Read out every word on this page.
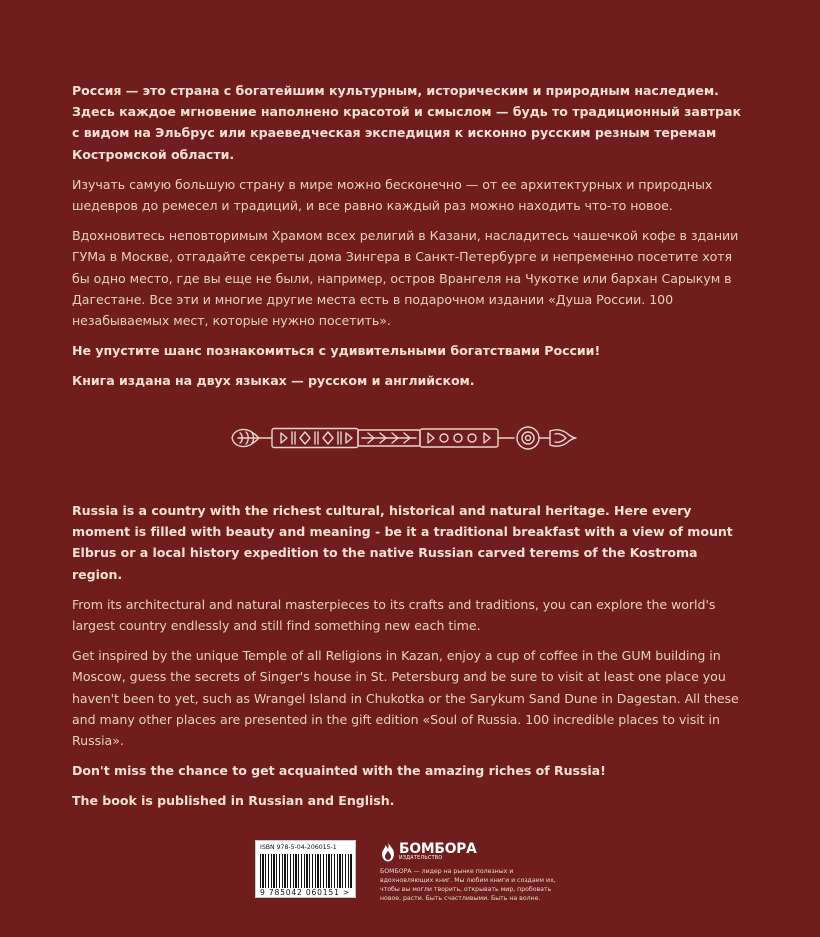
Россия — это страна с богатейшим культурным, историческим и природным наследием. Здесь каждое мгновение наполнено красотой и смыслом — будь то традиционный завтрак с видом на Эльбрус или краеведческая экспедиция к исконно русским резным теремам Костромской области.

Изучать самую большую страну в мире можно бесконечно — от ее архитектурных и природных шедевров до ремесел и традиций, и все равно каждый раз можно находить что-то новое.

Вдохновитесь неповторимым Храмом всех религий в Казани, насладитесь чашечкой кофе в здании ГУМа в Москве, отгадайте секреты дома Зингера в Санкт-Петербурге и непременно посетите хотя бы одно место, где вы еще не были, например, остров Врангеля на Чукотке или бархан Сарыкум в Дагестане. Все эти и многие другие места есть в подарочном издании «Душа России. 100 незабываемых мест, которые нужно посетить».

Не упустите шанс познакомиться с удивительными богатствами России!

Книга издана на двух языках — русском и английском.

Russia is a country with the richest cultural, historical and natural heritage. Here every moment is filled with beauty and meaning - be it a traditional breakfast with a view of mount Elbrus or a local history expedition to the native Russian carved terems of the Kostroma region.

From its architectural and natural masterpieces to its crafts and traditions, you can explore the world's largest country endlessly and still find something new each time.

Get inspired by the unique Temple of all Religions in Kazan, enjoy a cup of coffee in the GUM building in Moscow, guess the secrets of Singer's house in St. Petersburg and be sure to visit at least one place you haven't been to yet, such as Wrangel Island in Chukotka or the Sarykum Sand Dune in Dagestan. All these and many other places are presented in the gift edition «Soul of Russia. 100 incredible places to visit in Russia».

Don't miss the chance to get acquainted with the amazing riches of Russia!

The book is published in Russian and English.

ISBN 978-5-04-206015-1
9 785042 060151 >
БОМБОРА
ИЗДАТЕЛЬСТВО
БОМБОРА — лидер на рынке полезных и вдохновляющих книг. Мы любим книги и создаем их, чтобы вы могли творить, открывать мир, пробовать новое, расти. Быть счастливыми. Быть на волне.
